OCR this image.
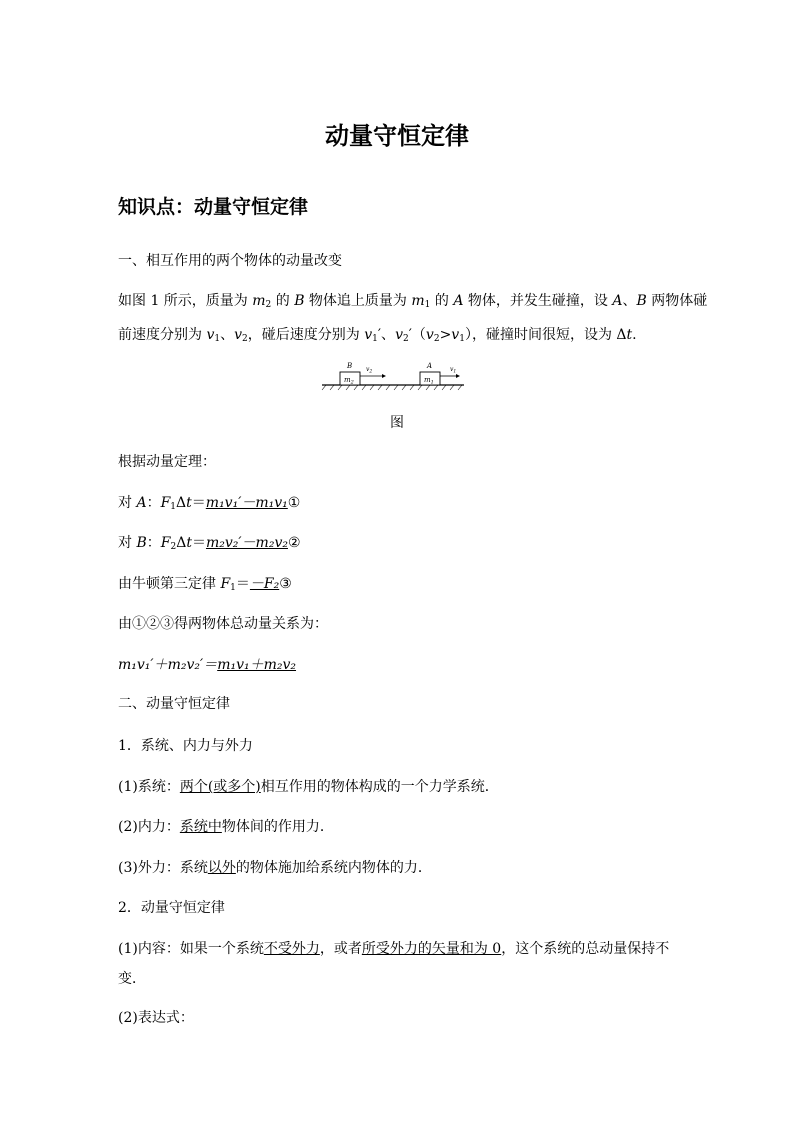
动量守恒定律
知识点：动量守恒定律
一、相互作用的两个物体的动量改变
如图 1 所示，质量为 $m_2$ 的 B 物体追上质量为 $m_1$ 的 A 物体，并发生碰撞，设 A、B 两物体碰
前速度分别为 $v_1$、$v_2$，碰后速度分别为 $v_1'$、$v_2'(v_2>v_1)$，碰撞时间很短，设为 Δt.
$m_2$
B $v_2$
$m_1$
A	$v_1$
图
根据动量定理：
对 A：$F_1\Delta t=m_1v_1'-m_1v_1①$
对 B：$F_2\Delta t=m_2v_2'-m_2v_2②$
由牛顿第三定律 $F_1=-F_2③$
由①②③得两物体总动量关系为：
m₁v₁′＋m₂v₂′＝m₁v₁＋m₂v₂
二、动量守恒定律
1．系统、内力与外力
(1)系统：两个(或多个)相互作用的物体构成的一个力学系统．
(2)内力：系统中物体间的作用力．
(3)外力：系统以外的物体施加给系统内物体的力．
2．动量守恒定律
(1)内容：如果一个系统不受外力，或者所受外力的矢量和为 0，这个系统的总动量保持不变．
(2)表达式：
